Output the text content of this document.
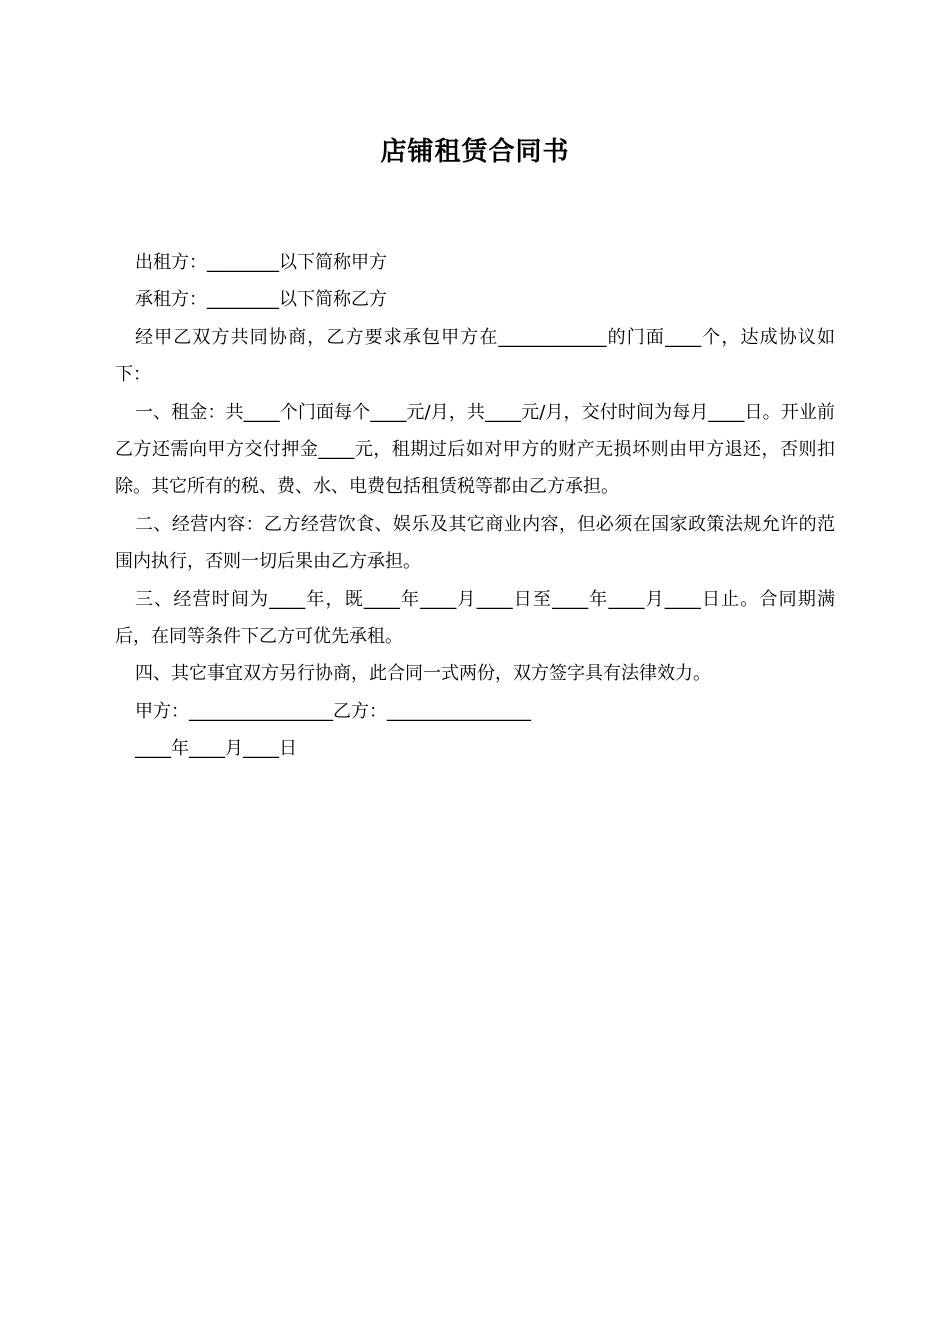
店铺租赁合同书

出租方：________以下简称甲方

承租方：________以下简称乙方

经甲乙双方共同协商，乙方要求承包甲方在____________的门面____个，达成协议如下：

一、租金：共____个门面每个____元/月，共____元/月，交付时间为每月____日。开业前乙方还需向甲方交付押金____元，租期过后如对甲方的财产无损坏则由甲方退还，否则扣除。其它所有的税、费、水、电费包括租赁税等都由乙方承担。

二、经营内容：乙方经营饮食、娱乐及其它商业内容，但必须在国家政策法规允许的范围内执行，否则一切后果由乙方承担。

三、经营时间为____年，既____年____月____日至____年____月____日止。合同期满后，在同等条件下乙方可优先承租。

四、其它事宜双方另行协商，此合同一式两份，双方签字具有法律效力。

甲方：________________乙方：________________

____年____月____日
